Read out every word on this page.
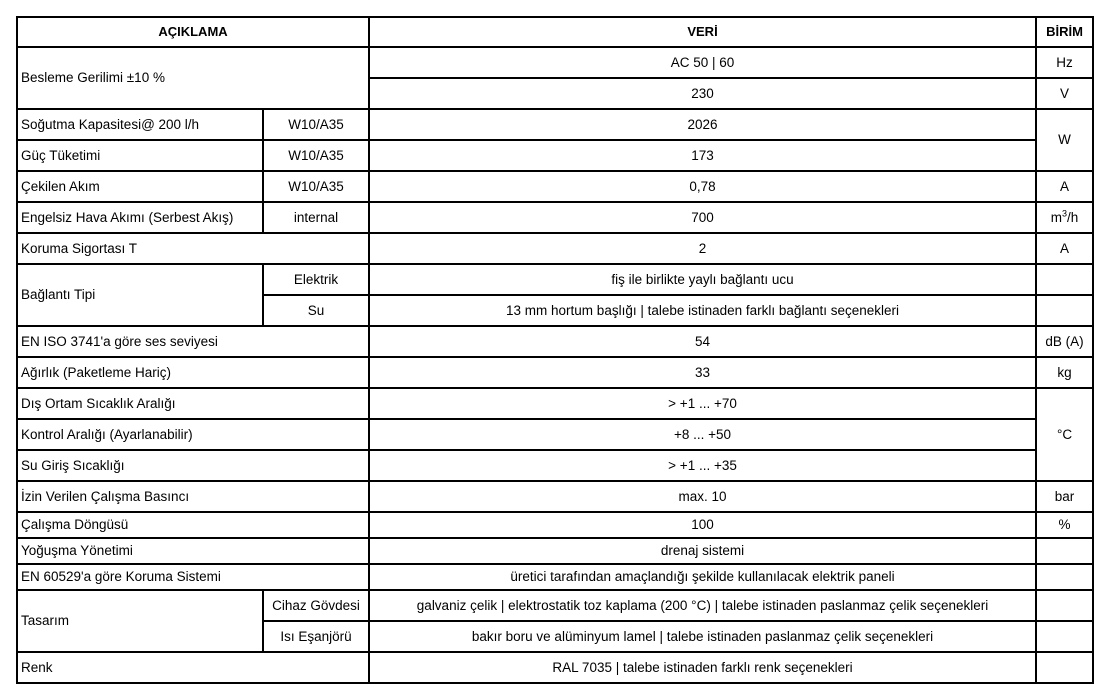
AÇIKLAMA		VERİ	BİRİM
Besleme Gerilimi ±10 %		AC 50 | 60	Hz
		230	V
Soğutma Kapasitesi@ 200 l/h	W10/A35	2026	W
Güç Tüketimi	W10/A35	173	
Çekilen Akım	W10/A35	0,78	A
Engelsiz Hava Akımı (Serbest Akış)	internal	700	$m^3/h$
Koruma Sigortası T		2	A
Bağlantı Tipi	Elektrik	fiş ile birlikte yaylı bağlantı ucu	
	Su	13 mm hortum başlığı | talebe istinaden farklı bağlantı seçenekleri	
EN ISO 3741'a göre ses seviyesi		54	dB (A)
Ağırlık (Paketleme Hariç)		33	kg
Dış Ortam Sıcaklık Aralığı		> +1 ... +70	°C
Kontrol Aralığı (Ayarlanabilir)		+8 ... +50	
Su Giriş Sıcaklığı		> +1 ... +35	
İzin Verilen Çalışma Basıncı		max. 10	bar
Çalışma Döngüsü		100	%
Yoğuşma Yönetimi		drenaj sistemi	
EN 60529'a göre Koruma Sistemi		üretici tarafından amaçlandığı şekilde kullanılacak elektrik paneli	
Tasarım	Cihaz Gövdesi	galvaniz çelik | elektrostatik toz kaplama (200 °C) | talebe istinaden paslanmaz çelik seçenekleri	
	Isı Eşanjörü	bakır boru ve alüminyum lamel | talebe istinaden paslanmaz çelik seçenekleri	
Renk		RAL 7035 | talebe istinaden farklı renk seçenekleri	
